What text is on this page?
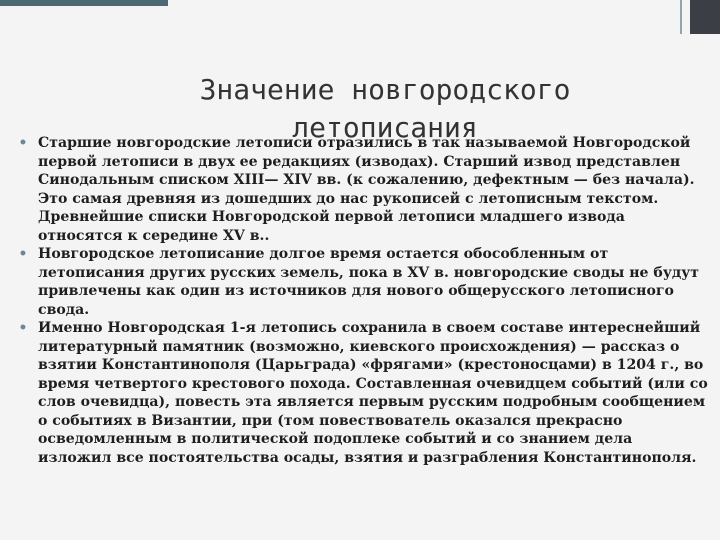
Значение новгородского летописания
• Старшие новгородские летописи отразились в так называемой Новгородской первой летописи в двух ее редакциях (изводах). Старший извод представлен Синодальным списком XIII— XIV вв. (к сожалению, дефектным — без начала). Это самая древняя из дошедших до нас рукописей с летописным текстом. Древнейшие списки Новгородской первой летописи младшего извода относятся к середине XV в..
• Новгородское летописание долгое время остается обособленным от летописания других русских земель, пока в XV в. новгородские своды не будут привлечены как один из источников для нового общерусского летописного свода.
• Именно Новгородская 1-я летопись сохранила в своем составе интереснейший литературный памятник (возможно, киевского происхождения) — рассказ о взятии Константинополя (Царьграда) «фрягами» (крестоносцами) в 1204 г., во время четвертого крестового похода. Составленная очевидцем событий (или со слов очевидца), повесть эта является первым русским подробным сообщением о событиях в Византии, при (том повествователь оказался прекрасно осведомленным в политической подоплеке событий и со знанием дела изложил все постоятельства осады, взятия и разграбления Константинополя.
